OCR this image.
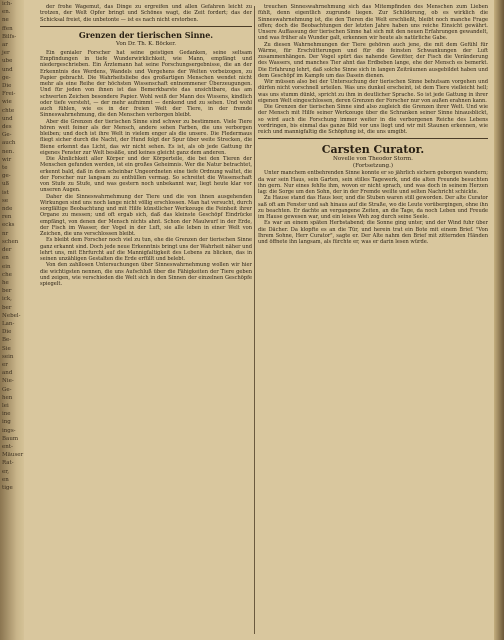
ich-
en.
ne
ffen
Bilfs-
ar
jer
ube
und
ge-
Die
Frei-
wie
chte
und
des
Ge-
auch
nen.
wir
te
ge-
uß
ist
se
nde
ren
ecks
nr
schen
der
en
ein
che
he
ber
ick,
ber
Nebel-
Lan-
Die
Be-
Sie
sein
er
and
Nie-
Ge-
hen
lei
ine
ing
ings-
Baum
ent-
Mäuser
Rat-
er,
en
tige

der frohe Wagemut, das Dinge zu ergreifen und allen Gefahren leicht zu trotzen, der Welt Opfer bringt und Schönes wagt, die Zeit fordert; das der Schicksal freiet, die unbetonte — ist es nach nicht erstorben.

Grenzen der tierischen Sinne.
Von Dr. Th. K. Böcker.

Ein genialer Forscher hat seine geistigen Gedanken, seine seltsam Empfindungen in tiefe Wunderwirklichkeit, wie Mann, empfängt und niedergeschrieben. Ein Ärztemann hat seine Forschungsergebnisse, die an der Erkenntnis des Werdens, Wandels und Vergehens der Welten vorbeizogen, zu Papier gebracht. Die Wahrheitsliebe des großartigen Menschen wendet nicht mehr als eine Reihe der höchsten Wissenschaft entnommener Überzeugungen. Und für jeden von ihnen ist das Bemerkbarste das unsichtbare, das am schwerten Zeichen besondere Papier. Wohl weiß der Mann des Wissens, kindlich oder tiefe versteht, — der mehr aufnimmt — denkend und zu sehen. Und wohl auch fühlen, wie es in der freien Welt der Tiere, in der fremde Sinneswahrnehmung, die den Menschen verborgen bleibt.

Aber die Grenzen der tierischen Sinne sind schwer zu bestimmen. Viele Tiere hören weit feiner als der Mensch, andere sehen Farben, die uns verborgen bleiben; und doch ist ihre Welt in vielem enger als die unsere. Die Fledermaus fliegt sicher durch die Nacht, der Hund folgt der Spur über weite Strecken, die Biene erkennt das Licht, das wir nicht sehen. Es ist, als ob jede Gattung ihr eigenes Fenster zur Welt besäße, und keines gleicht ganz dem anderen.

Die Ähnlichkeit aller Körper und der Körperteile, die bei den Tieren der Menschen gefunden werden, ist ein großes Geheimnis. Wer die Natur betrachtet, erkennt bald, daß in dem scheinbar Ungeordneten eine tiefe Ordnung waltet, die der Forscher nur langsam zu enthüllen vermag. So schreitet die Wissenschaft von Stufe zu Stufe, und was gestern noch unbekannt war, liegt heute klar vor unseren Augen.

Daher die Sinneswahrnehmung der Tiere und die von ihnen ausgehenden Wirkungen sind uns noch lange nicht völlig erschlossen. Man hat versucht, durch sorgfältige Beobachtung und mit Hilfe künstlicher Werkzeuge die Feinheit ihrer Organe zu messen; und oft ergab sich, daß das kleinste Geschöpf Eindrücke empfängt, von denen der Mensch nichts ahnt. Schon der Maulwurf in der Erde, der Fisch im Wasser, der Vogel in der Luft, sie alle leben in einer Welt von Zeichen, die uns verschlossen bleibt.

Es bleibt dem Forscher noch viel zu tun, ehe die Grenzen der tierischen Sinne ganz erkannt sind. Doch jede neue Erkenntnis bringt uns der Wahrheit näher und lehrt uns, mit Ehrfurcht auf die Mannigfaltigkeit des Lebens zu blicken, das in seinen unzähligen Gestalten die Erde erfüllt und belebt.

Von den zahllosen Untersuchungen über Sinneswahrnehmung wollen wir hier die wichtigsten nennen, die uns Aufschluß über die Fähigkeiten der Tiere geben und zeigen, wie verschieden die Welt sich in den Sinnen der einzelnen Geschöpfe spiegelt.

treuchen Sinneswahrnehmung sich das Mitempfinden des Menschen zum Lieben fühlt, denn eigentlich zugrunde liegen. Zur Schilderung, ob es wirklich die Sinneswahrnehmung ist, die den Tieren die Welt erschließt, bleibt noch manche Frage offen; doch die Beobachtungen der letzten Jahre haben uns reiche Einsicht gewährt. Unsere Auffassung der tierischen Sinne hat sich mit den neuen Erfahrungen gewandelt, und was früher als Wunder galt, erkennen wir heute als natürliche Gabe.

Zu diesen Wahrnehmungen der Tiere gehören auch jene, die mit dem Gefühl für Wärme, für Erschütterungen und für die feinsten Schwankungen der Luft zusammenhängen. Der Vogel spürt das nahende Gewitter, der Fisch die Veränderung des Wassers, und manches Tier ahnt das Erdbeben lange, ehe der Mensch es bemerkt. Die Erfahrung lehrt, daß solche Sinne sich in langen Zeiträumen ausgebildet haben und dem Geschöpf im Kampfe um das Dasein dienen.

Wir müssen also bei der Untersuchung der tierischen Sinne behutsam vorgehen und dürfen nicht vorschnell urteilen. Was uns dunkel erscheint, ist dem Tiere vielleicht hell; was uns stumm dünkt, spricht zu ihm in deutlicher Sprache. So ist jede Gattung in ihrer eigenen Welt eingeschlossen, deren Grenzen der Forscher nur von außen erahnen kann.

Die Grenzen der tierischen Sinne sind also zugleich die Grenzen ihrer Welt. Und wie der Mensch mit Hilfe seiner Werkzeuge über die Schranken seiner Sinne hinausblickt, so wird auch die Forschung immer weiter in die verborgenen Reiche des Lebens vordringen, bis einmal das ganze Bild vor uns liegt und wir mit Staunen erkennen, wie reich und mannigfaltig die Schöpfung ist, die uns umgibt.

Carsten Curator.
Novelle von Theodor Storm.
(Fortsetzung.)

Unter manchem entbehrenden Sinne konnte er so jährlich sichern geborgen wandern; da war sein Haus, sein Garten, sein stilles Tagewerk, und die alten Freunde besuchten ihn gern. Nur eines fehlte ihm, wovon er nicht sprach, und was doch in seinem Herzen lag: die Sorge um den Sohn, der in der Fremde weilte und selten Nachricht schickte.

Zu Hause stand das Haus leer, und die Stuben waren still geworden. Der alte Curator saß oft am Fenster und sah hinaus auf die Straße, wo die Leute vorübergingen, ohne ihn zu beachten. Er dachte an vergangene Zeiten, an die Tage, da noch Leben und Freude im Hause gewesen war, und ein leises Weh zog durch seine Seele.

Es war an einem späten Herbstabend; die Sonne ging unter, und der Wind fuhr über die Dächer. Da klopfte es an die Tür, und herein trat ein Bote mit einem Brief. "Von Ihrem Sohne, Herr Curator", sagte er. Der Alte nahm den Brief mit zitternden Händen und öffnete ihn langsam, als fürchte er, was er darin lesen würde.
